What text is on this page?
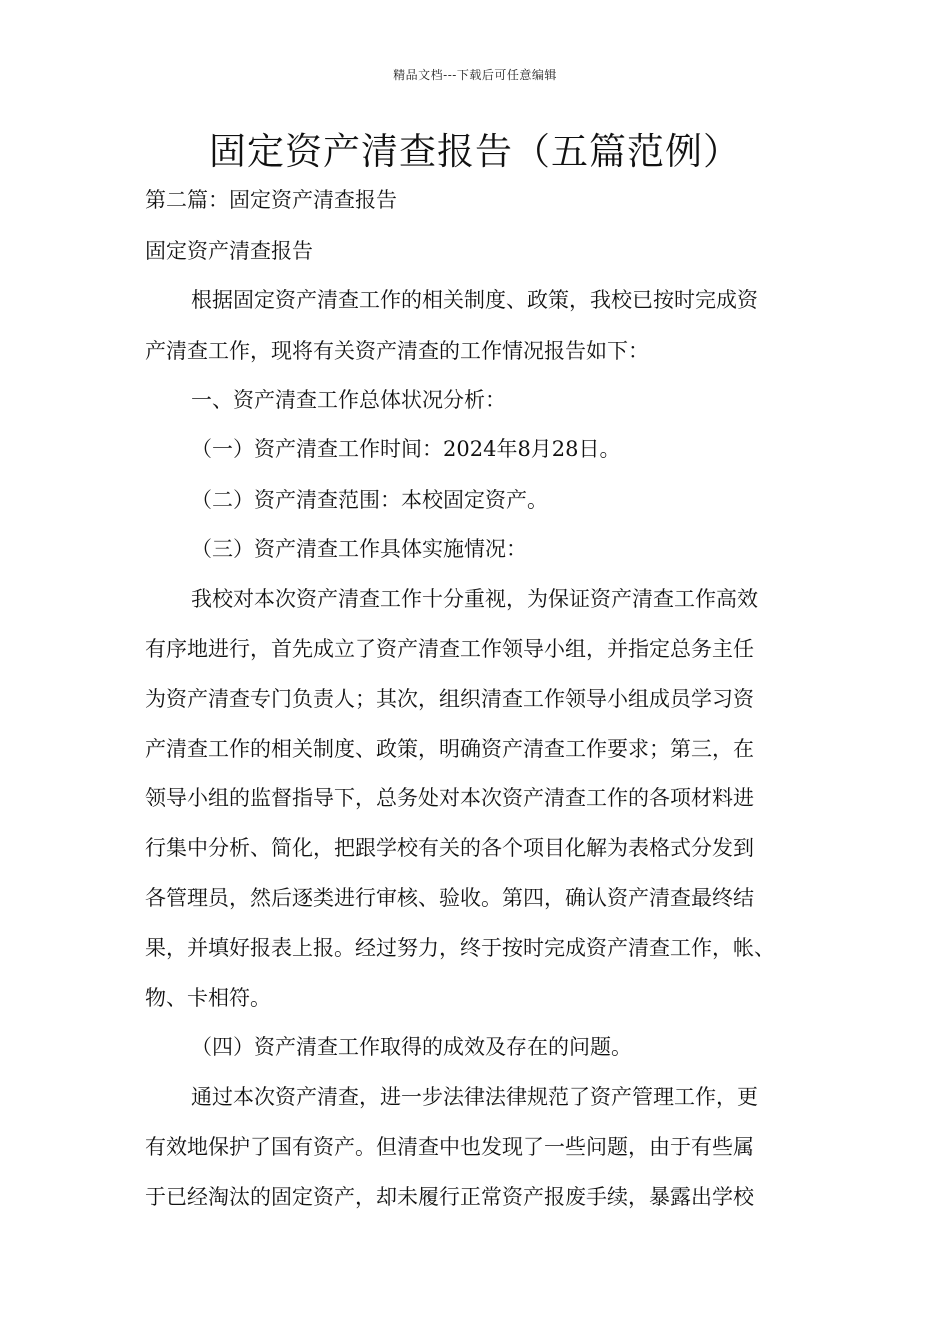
精品文档---下载后可任意编辑
固定资产清查报告（五篇范例）
第二篇：固定资产清查报告
固定资产清查报告
根据固定资产清查工作的相关制度、政策，我校已按时完成资
产清查工作，现将有关资产清查的工作情况报告如下：
一、资产清查工作总体状况分析：
（一）资产清查工作时间：2024年8月28日。
（二）资产清查范围：本校固定资产。
（三）资产清查工作具体实施情况：
我校对本次资产清查工作十分重视，为保证资产清查工作高效
有序地进行，首先成立了资产清查工作领导小组，并指定总务主任
为资产清查专门负责人；其次，组织清查工作领导小组成员学习资
产清查工作的相关制度、政策，明确资产清查工作要求；第三，在
领导小组的监督指导下，总务处对本次资产清查工作的各项材料进
行集中分析、简化，把跟学校有关的各个项目化解为表格式分发到
各管理员，然后逐类进行审核、验收。第四，确认资产清查最终结
果，并填好报表上报。经过努力，终于按时完成资产清查工作，帐、
物、卡相符。
（四）资产清查工作取得的成效及存在的问题。
通过本次资产清查，进一步法律法律规范了资产管理工作，更
有效地保护了国有资产。但清查中也发现了一些问题，由于有些属
于已经淘汰的固定资产，却未履行正常资产报废手续，暴露出学校
